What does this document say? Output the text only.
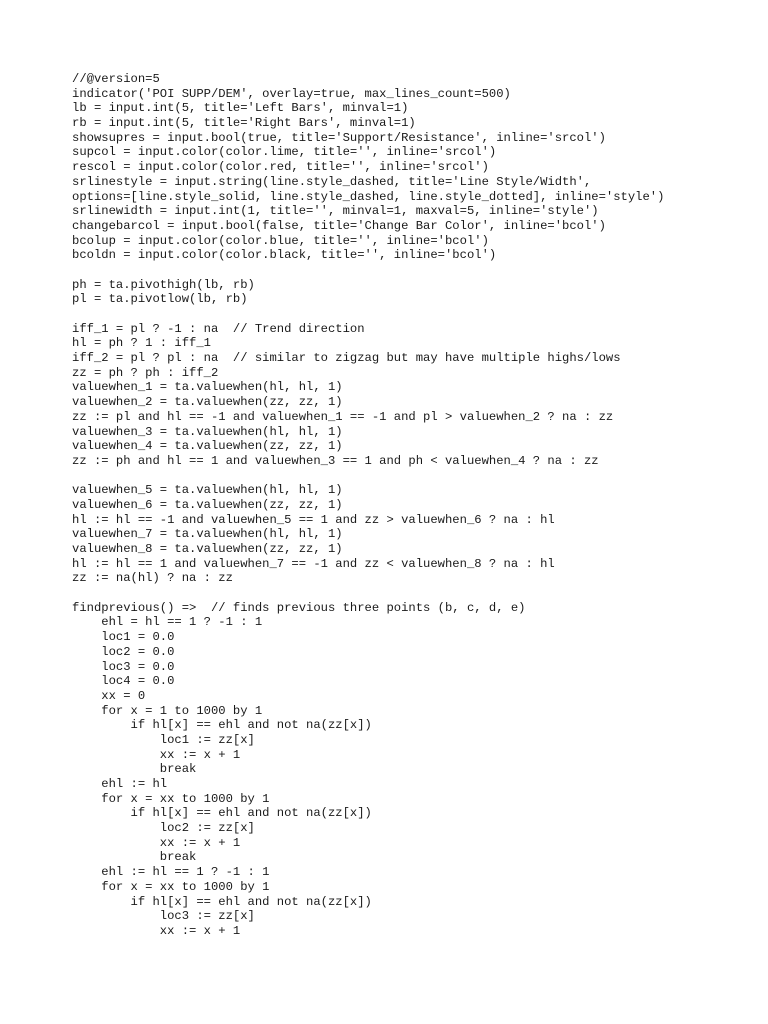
//@version=5
indicator('POI SUPP/DEM', overlay=true, max_lines_count=500)
lb = input.int(5, title='Left Bars', minval=1)
rb = input.int(5, title='Right Bars', minval=1)
showsupres = input.bool(true, title='Support/Resistance', inline='srcol')
supcol = input.color(color.lime, title='', inline='srcol')
rescol = input.color(color.red, title='', inline='srcol')
srlinestyle = input.string(line.style_dashed, title='Line Style/Width',
options=[line.style_solid, line.style_dashed, line.style_dotted], inline='style')
srlinewidth = input.int(1, title='', minval=1, maxval=5, inline='style')
changebarcol = input.bool(false, title='Change Bar Color', inline='bcol')
bcolup = input.color(color.blue, title='', inline='bcol')
bcoldn = input.color(color.black, title='', inline='bcol')
ph = ta.pivothigh(lb, rb)
pl = ta.pivotlow(lb, rb)
iff_1 = pl ? -1 : na  // Trend direction
hl = ph ? 1 : iff_1
iff_2 = pl ? pl : na  // similar to zigzag but may have multiple highs/lows
zz = ph ? ph : iff_2
valuewhen_1 = ta.valuewhen(hl, hl, 1)
valuewhen_2 = ta.valuewhen(zz, zz, 1)
zz := pl and hl == -1 and valuewhen_1 == -1 and pl > valuewhen_2 ? na : zz
valuewhen_3 = ta.valuewhen(hl, hl, 1)
valuewhen_4 = ta.valuewhen(zz, zz, 1)
zz := ph and hl == 1 and valuewhen_3 == 1 and ph < valuewhen_4 ? na : zz
valuewhen_5 = ta.valuewhen(hl, hl, 1)
valuewhen_6 = ta.valuewhen(zz, zz, 1)
hl := hl == -1 and valuewhen_5 == 1 and zz > valuewhen_6 ? na : hl
valuewhen_7 = ta.valuewhen(hl, hl, 1)
valuewhen_8 = ta.valuewhen(zz, zz, 1)
hl := hl == 1 and valuewhen_7 == -1 and zz < valuewhen_8 ? na : hl
zz := na(hl) ? na : zz
findprevious() =>  // finds previous three points (b, c, d, e)
ehl = hl == 1 ? -1 : 1
loc1 = 0.0
loc2 = 0.0
loc3 = 0.0
loc4 = 0.0
xx = 0
for x = 1 to 1000 by 1
if hl[x] == ehl and not na(zz[x])
loc1 := zz[x]
xx := x + 1
break
ehl := hl
for x = xx to 1000 by 1
if hl[x] == ehl and not na(zz[x])
loc2 := zz[x]
xx := x + 1
break
ehl := hl == 1 ? -1 : 1
for x = xx to 1000 by 1
if hl[x] == ehl and not na(zz[x])
loc3 := zz[x]
xx := x + 1
